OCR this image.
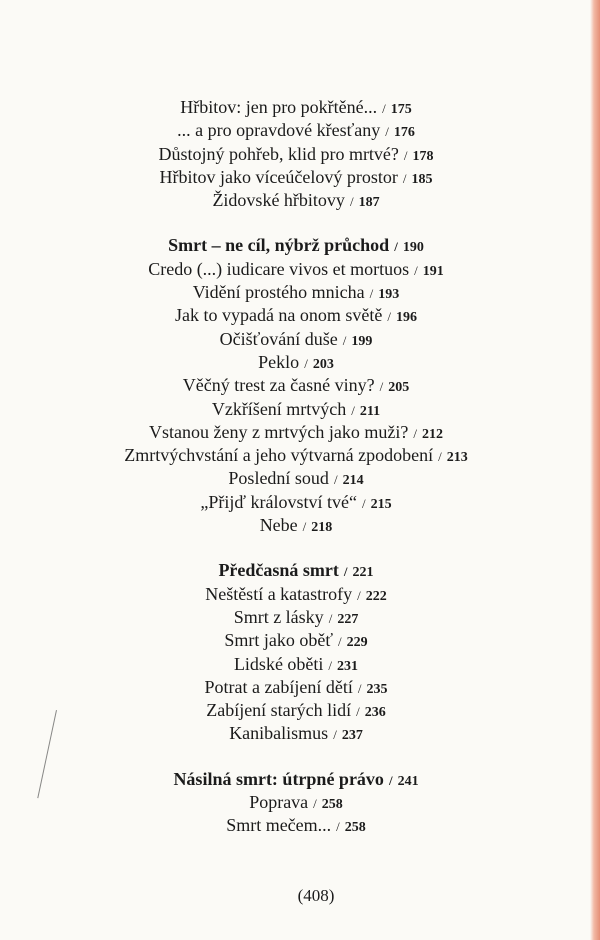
Hřbitov: jen pro pokřtěné... / 175
... a pro opravdové křesťany / 176
Důstojný pohřeb, klid pro mrtvé? / 178
Hřbitov jako víceúčelový prostor / 185
Židovské hřbitovy / 187
Smrt – ne cíl, nýbrž průchod / 190
Credo (...) iudicare vivos et mortuos / 191
Vidění prostého mnicha / 193
Jak to vypadá na onom světě / 196
Očišťování duše / 199
Peklo / 203
Věčný trest za časné viny? / 205
Vzkříšení mrtvých / 211
Vstanou ženy z mrtvých jako muži? / 212
Zmrtvýchvstání a jeho výtvarná zpodobení / 213
Poslední soud / 214
„Přijď království tvé“ / 215
Nebe / 218
Předčasná smrt / 221
Neštěstí a katastrofy / 222
Smrt z lásky / 227
Smrt jako oběť / 229
Lidské oběti / 231
Potrat a zabíjení dětí / 235
Zabíjení starých lidí / 236
Kanibalismus / 237
Násilná smrt: útrpné právo / 241
Poprava / 258
Smrt mečem... / 258
(408)
